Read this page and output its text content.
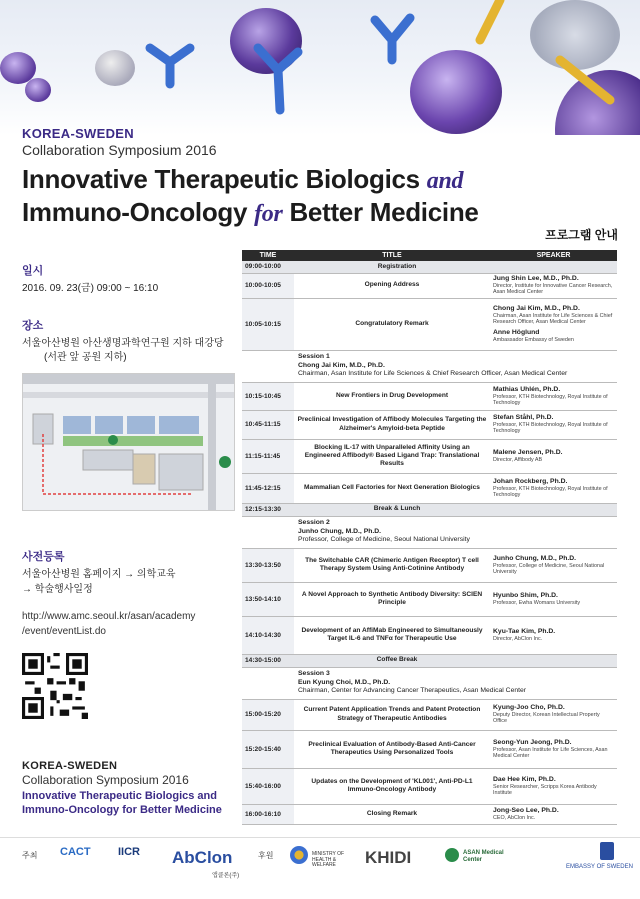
KOREA-SWEDEN
Collaboration Symposium 2016
Innovative Therapeutic Biologics and
Immuno-Oncology for Better Medicine
프로그램 안내
일시
2016. 09. 23(금) 09:00 ~ 16:10
장소
서울아산병원 아산생명과학연구원 지하 대강당
(서관 앞 공원 지하)
사전등록
서울아산병원 홈페이지 → 의학교육
→ 학술행사일정
http://www.amc.seoul.kr/asan/academy
/event/eventList.do
KOREA-SWEDEN
Collaboration Symposium 2016
Innovative Therapeutic Biologics and
Immuno-Oncology for Better Medicine
TIME	TITLE	SPEAKER
09:00-10:00	Registration	
10:00-10:05	Opening Address	Jung Shin Lee, M.D., Ph.D.
Director, Institute for Innovative Cancer Research, Asan Medical Center

10:05-10:15	Congratulatory Remark	Chong Jai Kim, M.D., Ph.D.
Chairman, Asan Institute for Life Sciences & Chief Research Officer, Asan Medical Center
Anne Höglund
Ambassador Embassy of Sweden

Session 1
Chong Jai Kim, M.D., Ph.D.
Chairman, Asan Institute for Life Sciences & Chief Research Officer, Asan Medical Center		

10:15-10:45	New Frontiers in Drug Development	Mathias Uhlén, Ph.D.
Professor, KTH Biotechnology, Royal Institute of Technology

10:45-11:15	Preclinical Investigation of Affibody Molecules Targeting the Alzheimer's Amyloid-beta Peptide	Stefan Ståhl, Ph.D.
Professor, KTH Biotechnology, Royal Institute of Technology

11:15-11:45	Blocking IL-17 with Unparalleled Affinity Using an Engineered Affibody® Based Ligand Trap: Translational Results	Malene Jensen, Ph.D.
Director, Affibody AB

11:45-12:15	Mammalian Cell Factories for Next Generation Biologics	Johan Rockberg, Ph.D.
Professor, KTH Biotechnology, Royal Institute of Technology

12:15-13:30	Break & Lunch	

Session 2
Junho Chung, M.D., Ph.D.
Professor, College of Medicine, Seoul National University		

13:30-13:50	The Switchable CAR (Chimeric Antigen Receptor) T cell Therapy System Using Anti-Cotinine Antibody	Junho Chung, M.D., Ph.D.
Professor, College of Medicine, Seoul National University

13:50-14:10	A Novel Approach to Synthetic Antibody Diversity: SCIEN Principle	Hyunbo Shim, Ph.D.
Professor, Ewha Womans University

14:10-14:30	Development of an AffiMab Engineered to Simultaneously Target IL-6 and TNFα for Therapeutic Use	Kyu-Tae Kim, Ph.D.
Director, AbClon Inc.

14:30-15:00	Coffee Break	

Session 3
Eun Kyung Choi, M.D., Ph.D.
Chairman, Center for Advancing Cancer Therapeutics, Asan Medical Center		

15:00-15:20	Current Patent Application Trends and Patent Protection Strategy of Therapeutic Antibodies	Kyung-Joo Cho, Ph.D.
Deputy Director, Korean Intellectual Property Office

15:20-15:40	Preclinical Evaluation of Antibody-Based Anti-Cancer Therapeutics Using Personalized Tools	Seong-Yun Jeong, Ph.D.
Professor, Asan Institute for Life Sciences, Asan Medical Center

15:40-16:00	Updates on the Development of 'KL001', Anti-PD-L1 Immuno-Oncology Antibody	Dae Hee Kim, Ph.D.
Senior Researcher, Scripps Korea Antibody Institute

16:00-16:10	Closing Remark	Jong-Seo Lee, Ph.D.
CEO, AbClon Inc.
주최 CACT IICR AbClon
앱클론(주)
후원	MINISTRY OF HEALTH & WELFARE	KHIDI	ASAN Medical Center
EMBASSY OF SWEDEN
